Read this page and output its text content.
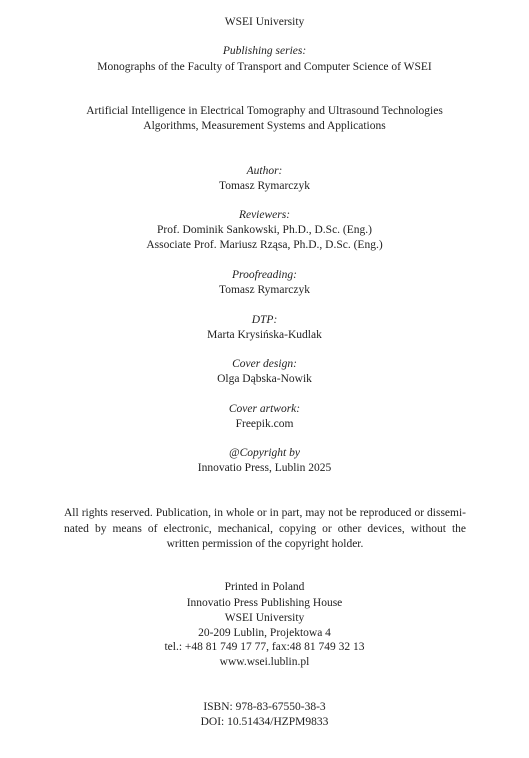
WSEI University
Publishing series:
Monographs of the Faculty of Transport and Computer Science of WSEI
Artificial Intelligence in Electrical Tomography and Ultrasound Technologies
Algorithms, Measurement Systems and Applications
Author:
Tomasz Rymarczyk
Reviewers:
Prof. Dominik Sankowski, Ph.D., D.Sc. (Eng.)
Associate Prof. Mariusz Rząsa, Ph.D., D.Sc. (Eng.)
Proofreading:
Tomasz Rymarczyk
DTP:
Marta Krysińska-Kudlak
Cover design:
Olga Dąbska-Nowik
Cover artwork:
Freepik.com
@Copyright by
Innovatio Press, Lublin 2025
All rights reserved. Publication, in whole or in part, may not be reproduced or dissemi-nated by means of electronic, mechanical, copying or other devices, without the written permission of the copyright holder.
Printed in Poland
Innovatio Press Publishing House
WSEI University
20-209 Lublin, Projektowa 4
tel.: +48 81 749 17 77, fax:48 81 749 32 13
www.wsei.lublin.pl
ISBN: 978-83-67550-38-3
DOI: 10.51434/HZPM9833
